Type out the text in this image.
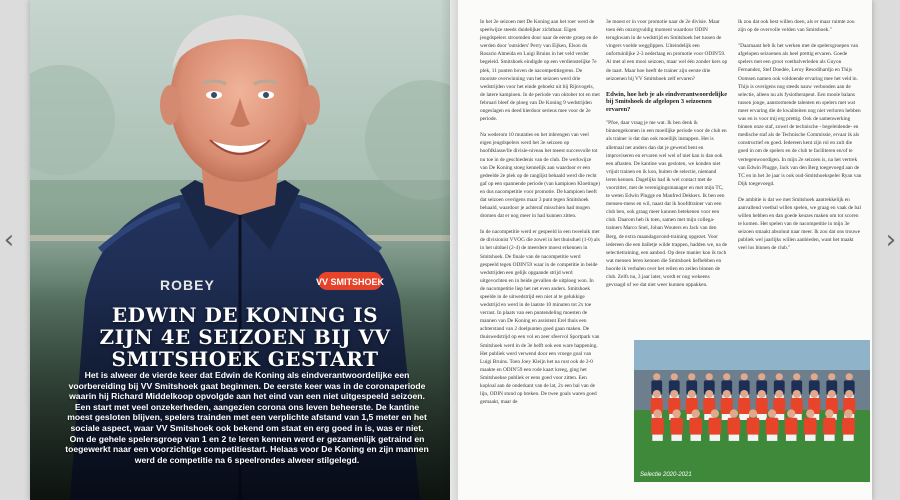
‹	›
EDWIN DE KONING IS
ZIJN 4E SEIZOEN BIJ VV
SMITSHOEK GESTART
Het is alweer de vierde keer dat Edwin de Koning als eindverantwoordelijke een voorbereiding bij VV Smitshoek gaat beginnen. De eerste keer was in de coronaperiode waarin hij Richard Middelkoop opvolgde aan het eind van een niet uitgespeeld seizoen. Een start met veel onzekerheden, aangezien corona ons leven beheerste. De kantine moest gesloten blijven, spelers trainden met een verplichte afstand van 1,5 meter en het sociale aspect, waar VV Smitshoek ook bekend om staat en erg goed in is, was er niet. Om de gehele spelersgroep van 1 en 2 te leren kennen werd er gezamenlijk getraind en toegewerkt naar een voorzichtige competitiestart. Helaas voor De Koning en zijn mannen werd de competitie na 6 speelrondes alweer stilgelegd.

In het 2e seizoen met De Koning aan het roer werd de speelwijze steeds duidelijker zichtbaar. Eigen jeugdspelers stroomden door naar de eerste groep en de werden door 'outsiders' Perry van Eijken, Elson do Rosario Almeida en Luigi Bruins in het veld verder begeleid. Smitshoek eindigde op een verdienstelijke 7e plek, 11 punten boven de nacompetitiegrens. De mooiste overwinning van het seizoen werd drie wedstrijden voor het einde geboekt uit bij Rijnvogels, de latere kampioen. In de periode van oktober tot en met februari bleef de ploeg van De Koning 9 wedstrijden ongeslagen en deed hierdoor serieus mee voor de 2e periode.

Na wederom 10 mutaties en het inbrengen van veel eigen jeugdspelers werd het 3e seizoen op hoofdklasse/lle divisie-niveau het meest succesvolle tot nu toe in de geschiedenis van de club. De werkwijze van De Koning stoeg kennelijk aan waardoor er een gedeelde 2e plek op de ranglijst behaald werd die recht gaf op een spannende periode (van kampioen Kloetinge) en dus nacompetitie voor promotie. De kampioen heeft dat seizoen overigens maar 3 punt tegen Smitshoek behaald, waardoor je achteraf misschien had mogen dromen dat er nog meer in had kunnen zitten.

In de nacompetitie werd er gespeeld in een tweeluik met de divisionist VVOG die zowel in het thuisduel (1-0) als in het uitduel (2-4) de meerdere moest erkennen in Smitshoek. De finale van de nacompetitie werd gespeeld tegen ODIN'59 waar in de competitie in beide wedstrijden een gelijk opgaande strijd werd uitgevochten en in beide gevallen de uitploeg won. In de nacompetitie liep het net even anders. Smitshoek speelde in de uitwedstrijd een niet al te gelukkige wedstrijd en werd in de laatste 10 minuten tot 2x toe verrast. In plaats van een puntendeling moesten de mannen van De Koning en assistent Erel thuis een achterstand van 2 doelpunten goed gaan maken. De thuiswedstrijd op een vol en zeer sfeervol Sportpark van Smitshoek werd in de 3e helft ook een ware happening. Het publiek werd verwend door een vroege goal van Luigi Bruins. Toen Joey Kleijn het na rust ook de 2-0 maakte en ODIN'59 een rode kaart kreeg, ging het Smitshoekse publiek er eens goed voor zitten. Een koploal aan de onderkant van de lat, 2x een bal van de lijn, ODIN stond op breken. De twee goals waren goed gemaakt, maar de

3e moest er in voor promotie naar de 2e divisie. Maar toen één onzorgvuldig moment waardoor ODIN terugkwam in de wedstrijd en Smitshoek het tussen de vingers voelde wegglippen. Uiteindelijk een onfortuinlijke 2-3 nederlaag en promotie voor ODIN'59. Al met al een mooi seizoen, maar wel één zonder kers op de taart. Maar hoe heeft de trainer zijn eerste drie seizoenen bij VV Smitshoek zelf ervaren?

Edwin, hoe heb je als eindverantwoordelijke bij Smitshoek de afgelopen 3 seizoenen ervaren?

"Pfoe, daar vraag je me wat. Ik ben denk ik binnengekomen in een moeilijke periode voor de club en als trainer is dat dan ook moeilijk instappen. Het is allemaal net anders dan dat je gewend bent en improviseren en ervaren wel wel of niet kan is dan ook een aftasten. De kantine was gesloten, we konden niet vrijuit trainen en ik kon, buiten de selectie, niemand leren kennen. Dagelijks had ik wel contact met de voorzitter, met de verenigingsmanager en met mijn TC, te weten Edwin Plugge en Manfred Dekkers. Ik ben een mensen-mens en wil, naast dat ik hoofdtrainer van een club ben, ook graag meer kunnen betekenen voor een club. Daarom heb ik toen, samen met mijn collega-trainers Marco Snel, Johan Wouters en Jack van den Berg, de extra maandagavond-training opgezet. Voor iedereen die een balletje wilde trappen, hadden we, na de selectietraining, een aanbod. Op deze manier kon ik toch wat mensen leren kennen die Smitshoek liefhebben en hoorde ik verhalen over het reilen en zeilen binnen de club. Zelfs nu, 3 jaar later, wordt er nog wekeens gevraagd of we dat niet weer kunnen oppakken.

Ik zou dat ook best willen doen, als er maar ruimte zou zijn op de overvolle velden van Smitshoek."

"Daarnaast heb ik het werken met de spelersgroepen van afgelopen seizoenen als heel prettig ervaren. Goede spelers met een groot voetbalverleden als Guyon Fernandez, Stef Doedée, Leroy Resodihardjo en Thijs Oomsen namen ook voldoende ervaring mee het veld in. Thijs is overigens nog steeds nauw verbonden aan de selectie, alleen nu als fysiotherapeut. Een mooie balans tussen jonge, aanstormende talenten en spelers met wat meer ervaring die de kwaliteiten nog niet verloren hebben was en is voor mij erg prettig. Ook de samenwerking binnen onze staf, zowel de technische - begeleidende- en medische staf als de Technische Commissie, ervaar ik als constructief en goed. Iedereen kent zijn rol en zult die goed in om de spelers en de club te faciliteren en/of te vertegenwoordigen. In mijn 2e seizoen is, na het vertrek van Edwin Plugge, Jack van den Berg toegevoegd aan de TC en in het 3e jaar is ook oud-Smitshoekspeler Ryan van Dijk toegevoegd.

De ambitie is dat we met Smitshoek aantrekkelijk en aanvallend voetbal willen spelen, we graag en vaak de bal willen hebben en dan goede keuzes maken om tot scoren te komen. Het spelen van de nacompetitie in mijn 3e seizoen smaakt absoluut naar meer. Ik zou dat ons trouwe publiek wel jaarlijks willen aanbieden, want het maakt veel los binnen de club."

Selectie 2020-2021
